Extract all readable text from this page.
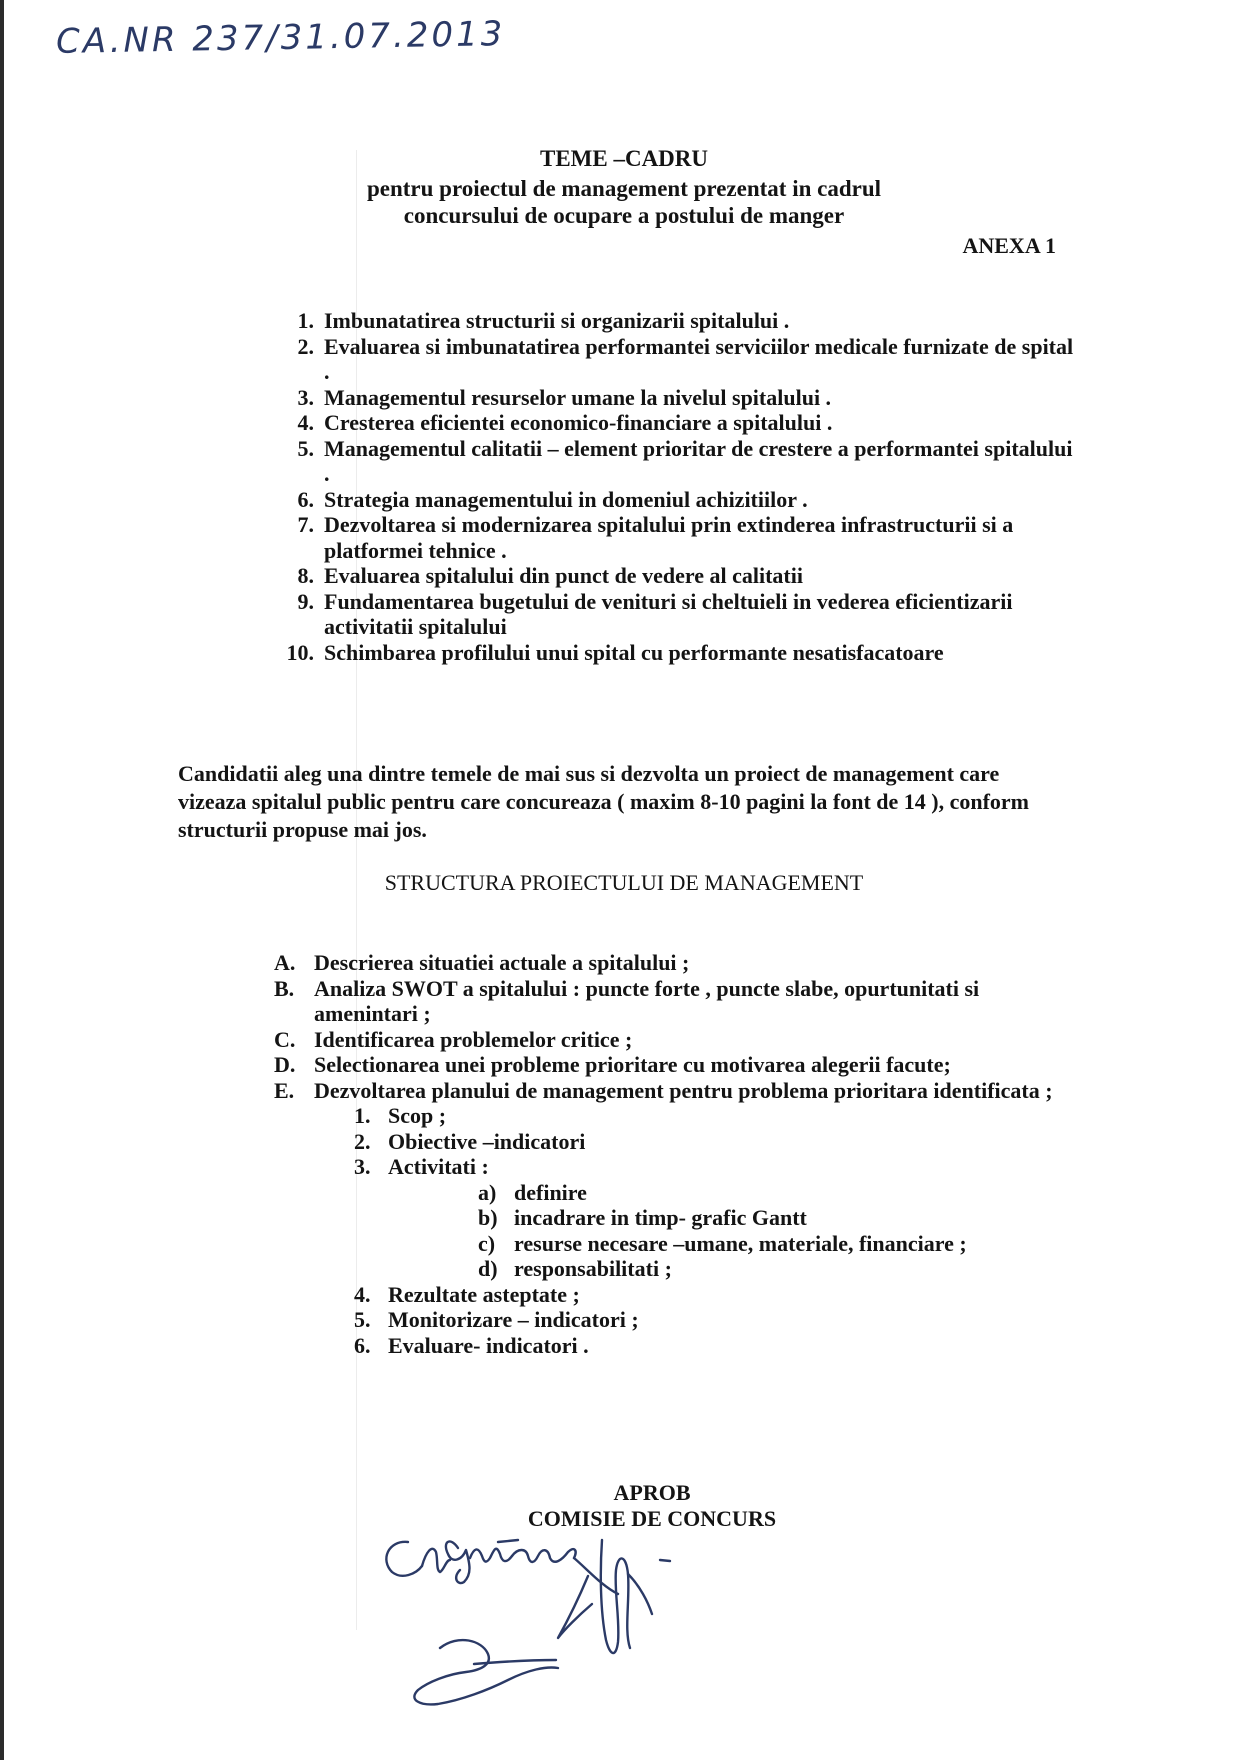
CA.NR 237/31.07.2013
TEME –CADRU
pentru proiectul de management prezentat in cadrul
concursului de ocupare a postului de manger
ANEXA 1
1. Imbunatatirea structurii si organizarii spitalului .
2. Evaluarea si imbunatatirea performantei serviciilor medicale furnizate de spital .
3. Managementul resurselor umane la nivelul spitalului .
4. Cresterea eficientei economico-financiare a spitalului .
5. Managementul calitatii – element prioritar de crestere a performantei spitalului .
6. Strategia managementului in domeniul achizitiilor .
7. Dezvoltarea si modernizarea spitalului prin extinderea infrastructurii si a platformei tehnice .
8. Evaluarea spitalului din punct de vedere al calitatii
9. Fundamentarea bugetului de venituri si cheltuieli in vederea eficientizarii activitatii spitalului
10. Schimbarea profilului unui spital cu performante nesatisfacatoare
Candidatii aleg una dintre temele de mai sus si dezvolta un proiect de management care vizeaza spitalul public pentru care concureaza ( maxim 8-10 pagini la font de 14 ), conform structurii propuse mai jos.
STRUCTURA PROIECTULUI DE MANAGEMENT
A. Descrierea situatiei actuale a spitalului ;
B. Analiza SWOT a spitalului : puncte forte , puncte slabe, opurtunitati si amenintari ;
C. Identificarea problemelor critice ;
D. Selectionarea unei probleme prioritare cu motivarea alegerii facute;
E. Dezvoltarea planului de management pentru problema prioritara identificata ;
1. Scop ;
2. Obiective –indicatori
3. Activitati :
a) definire
b) incadrare in timp- grafic Gantt
c) resurse necesare –umane, materiale, financiare ;
d) responsabilitati ;
4. Rezultate asteptate ;
5. Monitorizare – indicatori ;
6. Evaluare- indicatori .
APROB
COMISIE DE CONCURS
